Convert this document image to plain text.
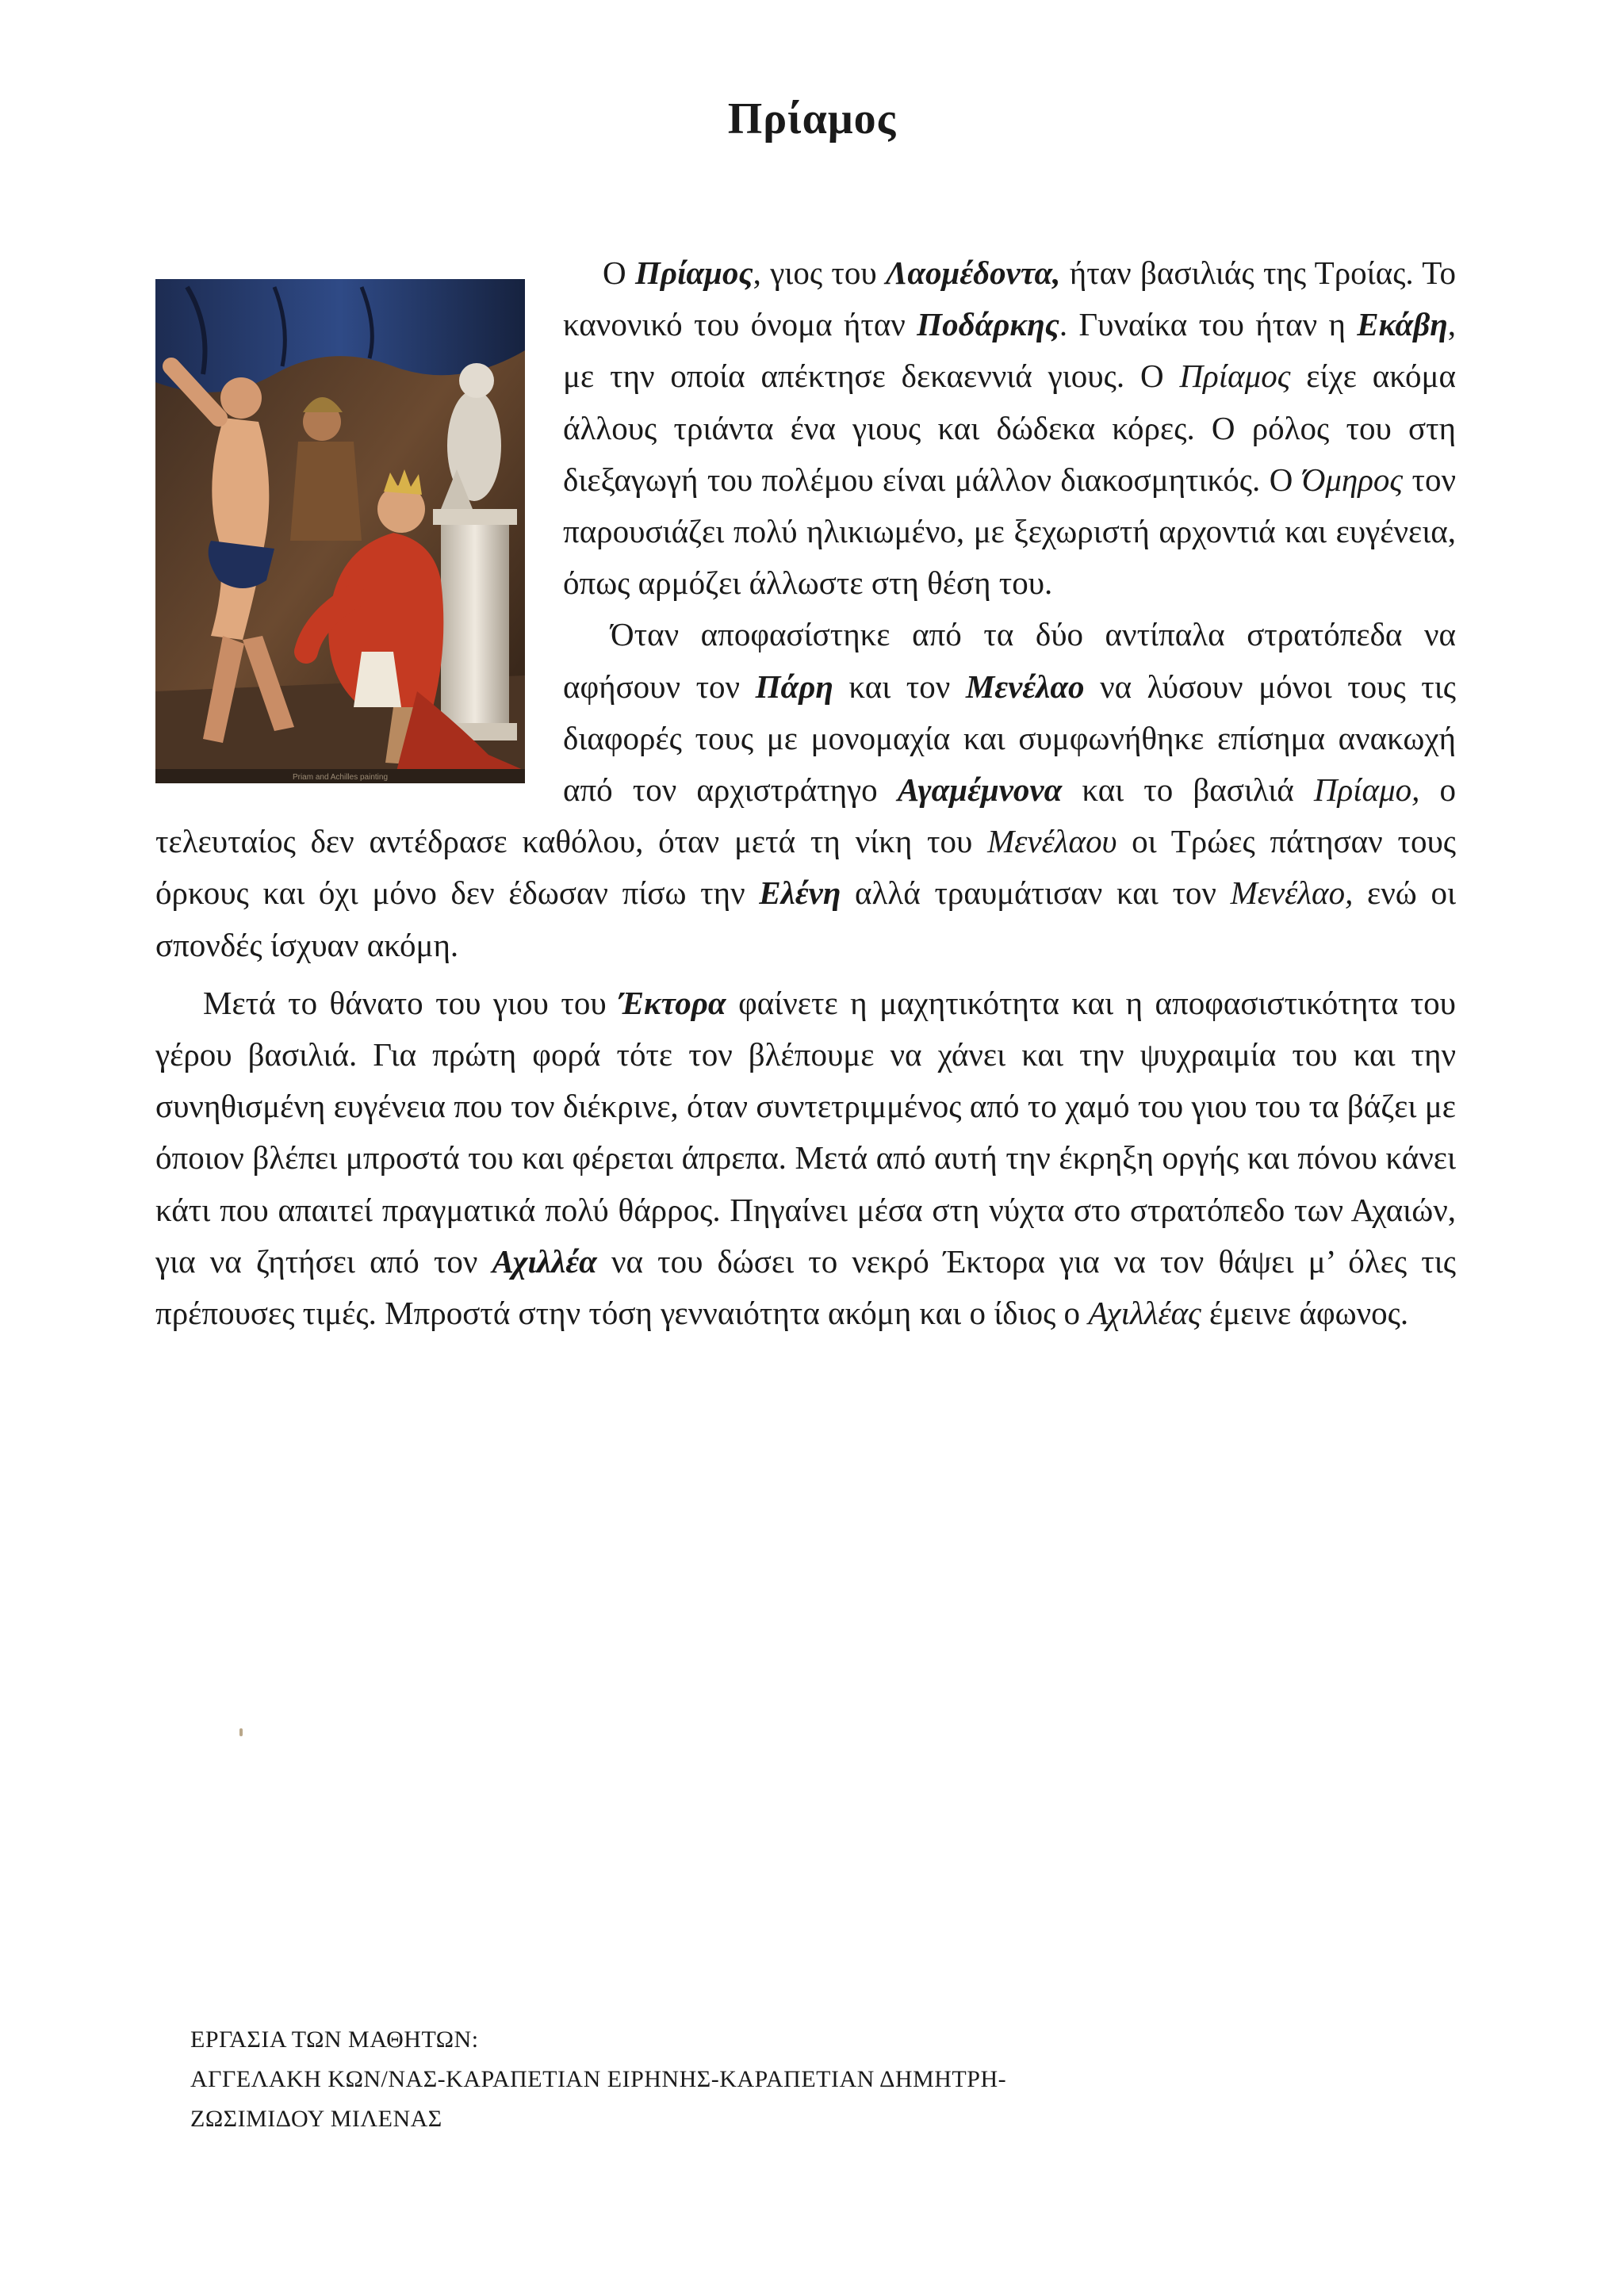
Πρίαμος
Priam and Achilles painting

Ο Πρίαμος, γιος του Λαομέδοντα, ήταν βασιλιάς της Τροίας. Το κανονικό του όνομα ήταν Ποδάρκης. Γυναίκα του ήταν η Εκάβη, με την οποία απέκτησε δεκαεννιά γιους. Ο Πρίαμος είχε ακόμα άλλους τριάντα ένα γιους και δώδεκα κόρες. Ο ρόλος του στη διεξαγωγή του πολέμου είναι μάλλον διακοσμητικός. Ο Όμηρος τον παρουσιάζει πολύ ηλικιωμένο, με ξεχωριστή αρχοντιά και ευγένεια, όπως αρμόζει άλλωστε στη θέση του.

Όταν αποφασίστηκε από τα δύο αντίπαλα στρατόπεδα να αφήσουν τον Πάρη και τον Μενέλαο να λύσουν μόνοι τους τις διαφορές τους με μονομαχία και συμφωνήθηκε επίσημα ανακωχή από τον αρχιστράτηγο Αγαμέμνονα και το βασιλιά Πρίαμο, ο τελευταίος δεν αντέδρασε καθόλου, όταν μετά τη νίκη του Μενέλαου οι Τρώες πάτησαν τους όρκους και όχι μόνο δεν έδωσαν πίσω την Ελένη αλλά τραυμάτισαν και τον Μενέλαο, ενώ οι σπονδές ίσχυαν ακόμη.

Μετά το θάνατο του γιου του Έκτορα φαίνετε η μαχητικότητα και η αποφασιστικότητα του γέρου βασιλιά. Για πρώτη φορά τότε τον βλέπουμε να χάνει και την ψυχραιμία του και την συνηθισμένη ευγένεια που τον διέκρινε, όταν συντετριμμένος από το χαμό του γιου του τα βάζει με όποιον βλέπει μπροστά του και φέρεται άπρεπα. Μετά από αυτή την έκρηξη οργής και πόνου κάνει κάτι που απαιτεί πραγματικά πολύ θάρρος. Πηγαίνει μέσα στη νύχτα στο στρατόπεδο των Αχαιών, για να ζητήσει από τον Αχιλλέα να του δώσει το νεκρό Έκτορα για να τον θάψει μ’ όλες τις πρέπουσες τιμές. Μπροστά στην τόση γενναιότητα ακόμη και ο ίδιος ο Αχιλλέας έμεινε άφωνος.

ΕΡΓΑΣΙΑ ΤΩΝ ΜΑΘΗΤΩΝ:
ΑΓΓΕΛΑΚΗ ΚΩΝ/ΝΑΣ-ΚΑΡΑΠΕΤΙΑΝ ΕΙΡΗΝΗΣ-ΚΑΡΑΠΕΤΙΑΝ ΔΗΜΗΤΡΗ-
ΖΩΣΙΜΙΔΟΥ ΜΙΛΕΝΑΣ
